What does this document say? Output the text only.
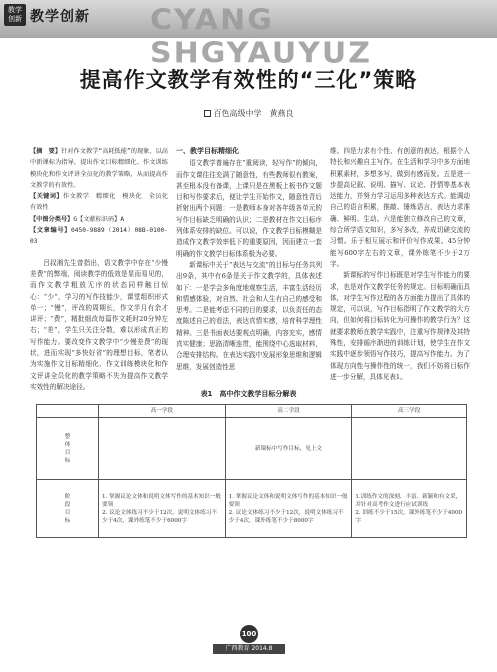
教学
创新 教学创新 CYANG SHGYAUYUZ
提高作文教学有效性的“三化”策略
百色高级中学　黄燕良

【摘　要】针对作文教学“高耗低能”的现象，以高中新课标为指导，提出作文目标精细化、作文训练模块化和作文评讲全员化的教学策略，从而提高作文教学的有效性。

【关键词】作文教学　精细化　模块化　全员化　有效性

【中图分类号】G【文献标识码】A

【文章编号】0450-9889（2014）08B-0100-03

吕叔湘先生曾指出，语文教学中存在“少慢差费”的弊端，阅读教学的低效是显而易见的，而作文教学粗放无序的状态同样触目惊心：“少”，学习的写作技能少，课堂组织形式单一；“慢”，评改的周期长，作文半月有余才讲评；“费”，精批细改每篇作文耗时20分钟左右；“差”，学生只关注分数，难以形成真正的写作能力。要改变作文教学中“少慢差费”的现状，进而实现“多快好省”的理想目标，笔者认为实施作文目标精细化、作文训练模块化和作文评讲全员化的教学策略不失为提高作文教学实效性的解决途径。

一、教学目标精细化

语文教学普遍存在“重阅读，轻写作”的倾向，而作文课往往充满了随意性，有些教师很有教案，甚至根本没有备课，上课只是在黑板上板书作文题目和写作要求后，便让学生开始作文，随意性背后折射出两个问题：一是教师本身对各年级各单元的写作目标缺乏明确的认识；二是教材在作文目标序列体系安排的缺位。可以说，作文教学目标模糊是造成作文教学效率低下的重要原因，因而建立一套明确的作文教学目标体系极为必要。

新课标中关于“表达与交流”的目标与任务共列出9条，其中有6条是关于作文教学的，具体表述如下：一是学会多角度地观察生活，丰富生活经历和情感体验，对自然、社会和人生有自己的感受和思考。二是能考虑不同的目的要求，以负责任的态度陈述自己的看法，表达真情实感，培育科学理性精神。三是书面表达要观点明确，内容充实，感情真实健康；思路清晰连贯，能围绕中心选取材料，合理安排结构。在表达实践中发展形象思维和逻辑思维，发展创造性思

维。四是力求有个性、有创意的表达，根据个人特长和兴趣自主写作。在生活和学习中多方面地积累素材，多想多写，做到有感而发。五是进一步提高记叙、说明、描写、议论、抒情等基本表达能力，并努力学习运用多种表达方式。能调动自己的语言积累，推敲、锤炼语言，表达力求准确、鲜明、生动。六是能独立修改自己的文章，综合所学语文知识，多写多改，养成切磋交流的习惯。乐于相互展示和评价写作成果。45分钟能写600字左右的文章，课外练笔不少于2万字。

新课标的写作目标既是对学生写作能力的要求，也是对作文教学任务的规定。目标明确而具体，对学生写作过程的各方面能力提出了具体的规定，可以说，写作目标指明了作文教学的大方向，但如何将目标转化为可操作的教学行为？这就要求教师在教学实践中，注重写作规律及其特殊性，安排循序渐进的训练计划，使学生在作文实践中逐步领悟写作技巧，提高写作能力。为了体现方向性与操作性的统一，我们不妨将目标作进一步分解，具体见表1。

表1　高中作文教学目标分解表
	高一学段	高二学段	高三学段

整
体
目
标		新课标中写作目标，见上文	

阶
段
目
标	1. 掌握议论文体和说明文体写作的基本知识一般要领
2. 议论文体练习不少于12次，说明文体练习不少于4次，课外练笔不少于6000字	1. 掌握议论文体和说明文体写作的基本知识一般要领
2. 议论文体练习不少于12次，说明文体练习不少于4次，课外练笔不少于8000字	1.训练作文的深刻、丰富、新颖和有文采，并针对高考作文进行应试训练
2. 训练不少于15次，课外练笔不少于4000字
100
广西教育 2014.8
